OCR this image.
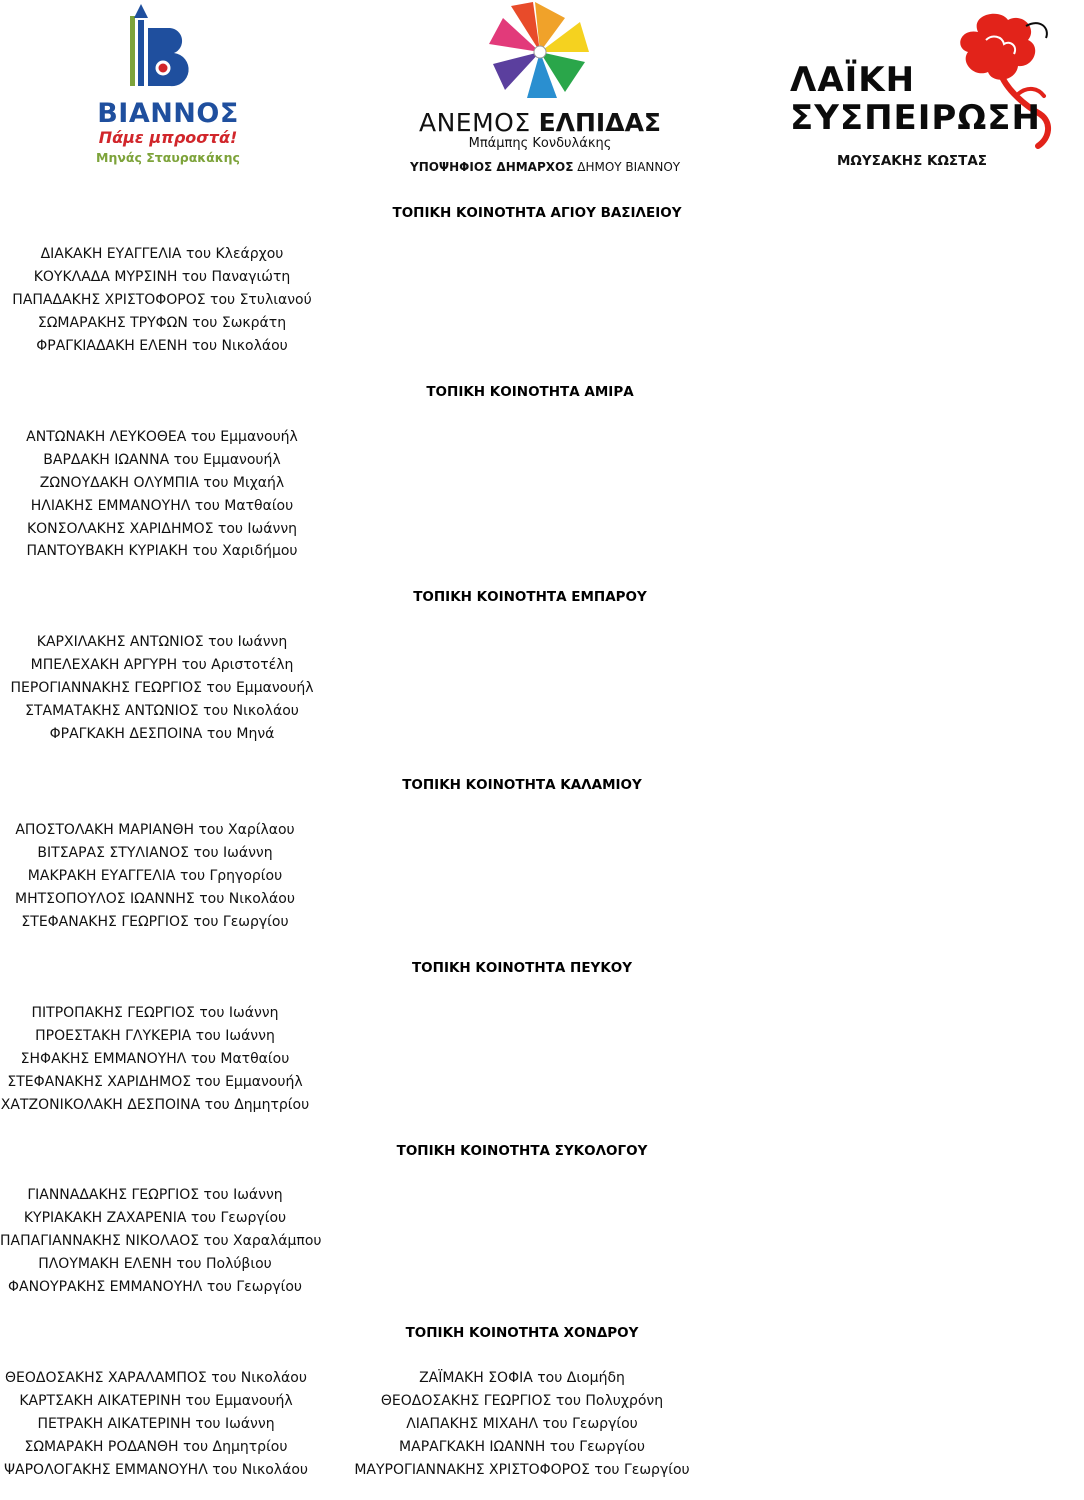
ΒΙΑΝΝΟΣ
Πάμε μπροστά!
Μηνάς Σταυρακάκης
ΑΝΕΜΟΣ ΕΛΠΙΔΑΣ
Μπάμπης Κονδυλάκης
ΥΠΟΨΗΦΙΟΣ ΔΗΜΑΡΧΟΣ ΔΗΜΟΥ ΒΙΑΝΝΟΥ
ΛΑΪΚΗ
ΣΥΣΠΕΙΡΩΣΗ
ΜΩΥΣΑΚΗΣ ΚΩΣΤΑΣ
ΤΟΠΙΚΗ ΚΟΙΝΟΤΗΤΑ ΑΓΙΟΥ ΒΑΣΙΛΕΙΟΥ
ΔΙΑΚΑΚΗ ΕΥΑΓΓΕΛΙΑ του Κλεάρχου
ΚΟΥΚΛΑΔΑ ΜΥΡΣΙΝΗ του Παναγιώτη
ΠΑΠΑΔΑΚΗΣ ΧΡΙΣΤΟΦΟΡΟΣ του Στυλιανού
ΣΩΜΑΡΑΚΗΣ ΤΡΥΦΩΝ του Σωκράτη
ΦΡΑΓΚΙΑΔΑΚΗ ΕΛΕΝΗ του Νικολάου
ΤΟΠΙΚΗ ΚΟΙΝΟΤΗΤΑ ΑΜΙΡΑ
ΑΝΤΩΝΑΚΗ ΛΕΥΚΟΘΕΑ του Εμμανουήλ
ΒΑΡΔΑΚΗ ΙΩΑΝΝΑ του Εμμανουήλ
ΖΩΝΟΥΔΑΚΗ ΟΛΥΜΠΙΑ του Μιχαήλ
ΗΛΙΑΚΗΣ ΕΜΜΑΝΟΥΗΛ του Ματθαίου
ΚΟΝΣΟΛΑΚΗΣ ΧΑΡΙΔΗΜΟΣ του Ιωάννη
ΠΑΝΤΟΥΒΑΚΗ ΚΥΡΙΑΚΗ του Χαριδήμου
ΤΟΠΙΚΗ ΚΟΙΝΟΤΗΤΑ ΕΜΠΑΡΟΥ
ΚΑΡΧΙΛΑΚΗΣ ΑΝΤΩΝΙΟΣ του Ιωάννη
ΜΠΕΛΕΧΑΚΗ ΑΡΓΥΡΗ του Αριστοτέλη
ΠΕΡΟΓΙΑΝΝΑΚΗΣ ΓΕΩΡΓΙΟΣ του Εμμανουήλ
ΣΤΑΜΑΤΑΚΗΣ ΑΝΤΩΝΙΟΣ του Νικολάου
ΦΡΑΓΚΑΚΗ ΔΕΣΠΟΙΝΑ του Μηνά
ΤΟΠΙΚΗ ΚΟΙΝΟΤΗΤΑ ΚΑΛΑΜΙΟΥ
ΑΠΟΣΤΟΛΑΚΗ ΜΑΡΙΑΝΘΗ του Χαρίλαου
ΒΙΤΣΑΡΑΣ ΣΤΥΛΙΑΝΟΣ του Ιωάννη
ΜΑΚΡΑΚΗ ΕΥΑΓΓΕΛΙΑ του Γρηγορίου
ΜΗΤΣΟΠΟΥΛΟΣ ΙΩΑΝΝΗΣ του Νικολάου
ΣΤΕΦΑΝΑΚΗΣ ΓΕΩΡΓΙΟΣ του Γεωργίου
ΤΟΠΙΚΗ ΚΟΙΝΟΤΗΤΑ ΠΕΥΚΟΥ
ΠΙΤΡΟΠΑΚΗΣ ΓΕΩΡΓΙΟΣ του Ιωάννη
ΠΡΟΕΣΤΑΚΗ ΓΛΥΚΕΡΙΑ του Ιωάννη
ΣΗΦΑΚΗΣ ΕΜΜΑΝΟΥΗΛ του Ματθαίου
ΣΤΕΦΑΝΑΚΗΣ ΧΑΡΙΔΗΜΟΣ του Εμμανουήλ
ΧΑΤΖΟΝΙΚΟΛΑΚΗ ΔΕΣΠΟΙΝΑ του Δημητρίου
ΤΟΠΙΚΗ ΚΟΙΝΟΤΗΤΑ ΣΥΚΟΛΟΓΟΥ
ΓΙΑΝΝΑΔΑΚΗΣ ΓΕΩΡΓΙΟΣ του Ιωάννη
ΚΥΡΙΑΚΑΚΗ ΖΑΧΑΡΕΝΙΑ του Γεωργίου
ΠΑΠΑΓΙΑΝΝΑΚΗΣ ΝΙΚΟΛΑΟΣ του Χαραλάμπου
ΠΛΟΥΜΑΚΗ ΕΛΕΝΗ του Πολύβιου
ΦΑΝΟΥΡΑΚΗΣ ΕΜΜΑΝΟΥΗΛ του Γεωργίου
ΤΟΠΙΚΗ ΚΟΙΝΟΤΗΤΑ ΧΟΝΔΡΟΥ
ΘΕΟΔΟΣΑΚΗΣ ΧΑΡΑΛΑΜΠΟΣ του Νικολάου
ΚΑΡΤΣΑΚΗ ΑΙΚΑΤΕΡΙΝΗ του Εμμανουήλ
ΠΕΤΡΑΚΗ ΑΙΚΑΤΕΡΙΝΗ του Ιωάννη
ΣΩΜΑΡΑΚΗ ΡΟΔΑΝΘΗ του Δημητρίου
ΨΑΡΟΛΟΓΑΚΗΣ ΕΜΜΑΝΟΥΗΛ του Νικολάου
ΖΑΪΜΑΚΗ ΣΟΦΙΑ του Διομήδη
ΘΕΟΔΟΣΑΚΗΣ ΓΕΩΡΓΙΟΣ του Πολυχρόνη
ΛΙΑΠΑΚΗΣ ΜΙΧΑΗΛ του Γεωργίου
ΜΑΡΑΓΚΑΚΗ ΙΩΑΝΝΗ του Γεωργίου
ΜΑΥΡΟΓΙΑΝΝΑΚΗΣ ΧΡΙΣΤΟΦΟΡΟΣ του Γεωργίου
